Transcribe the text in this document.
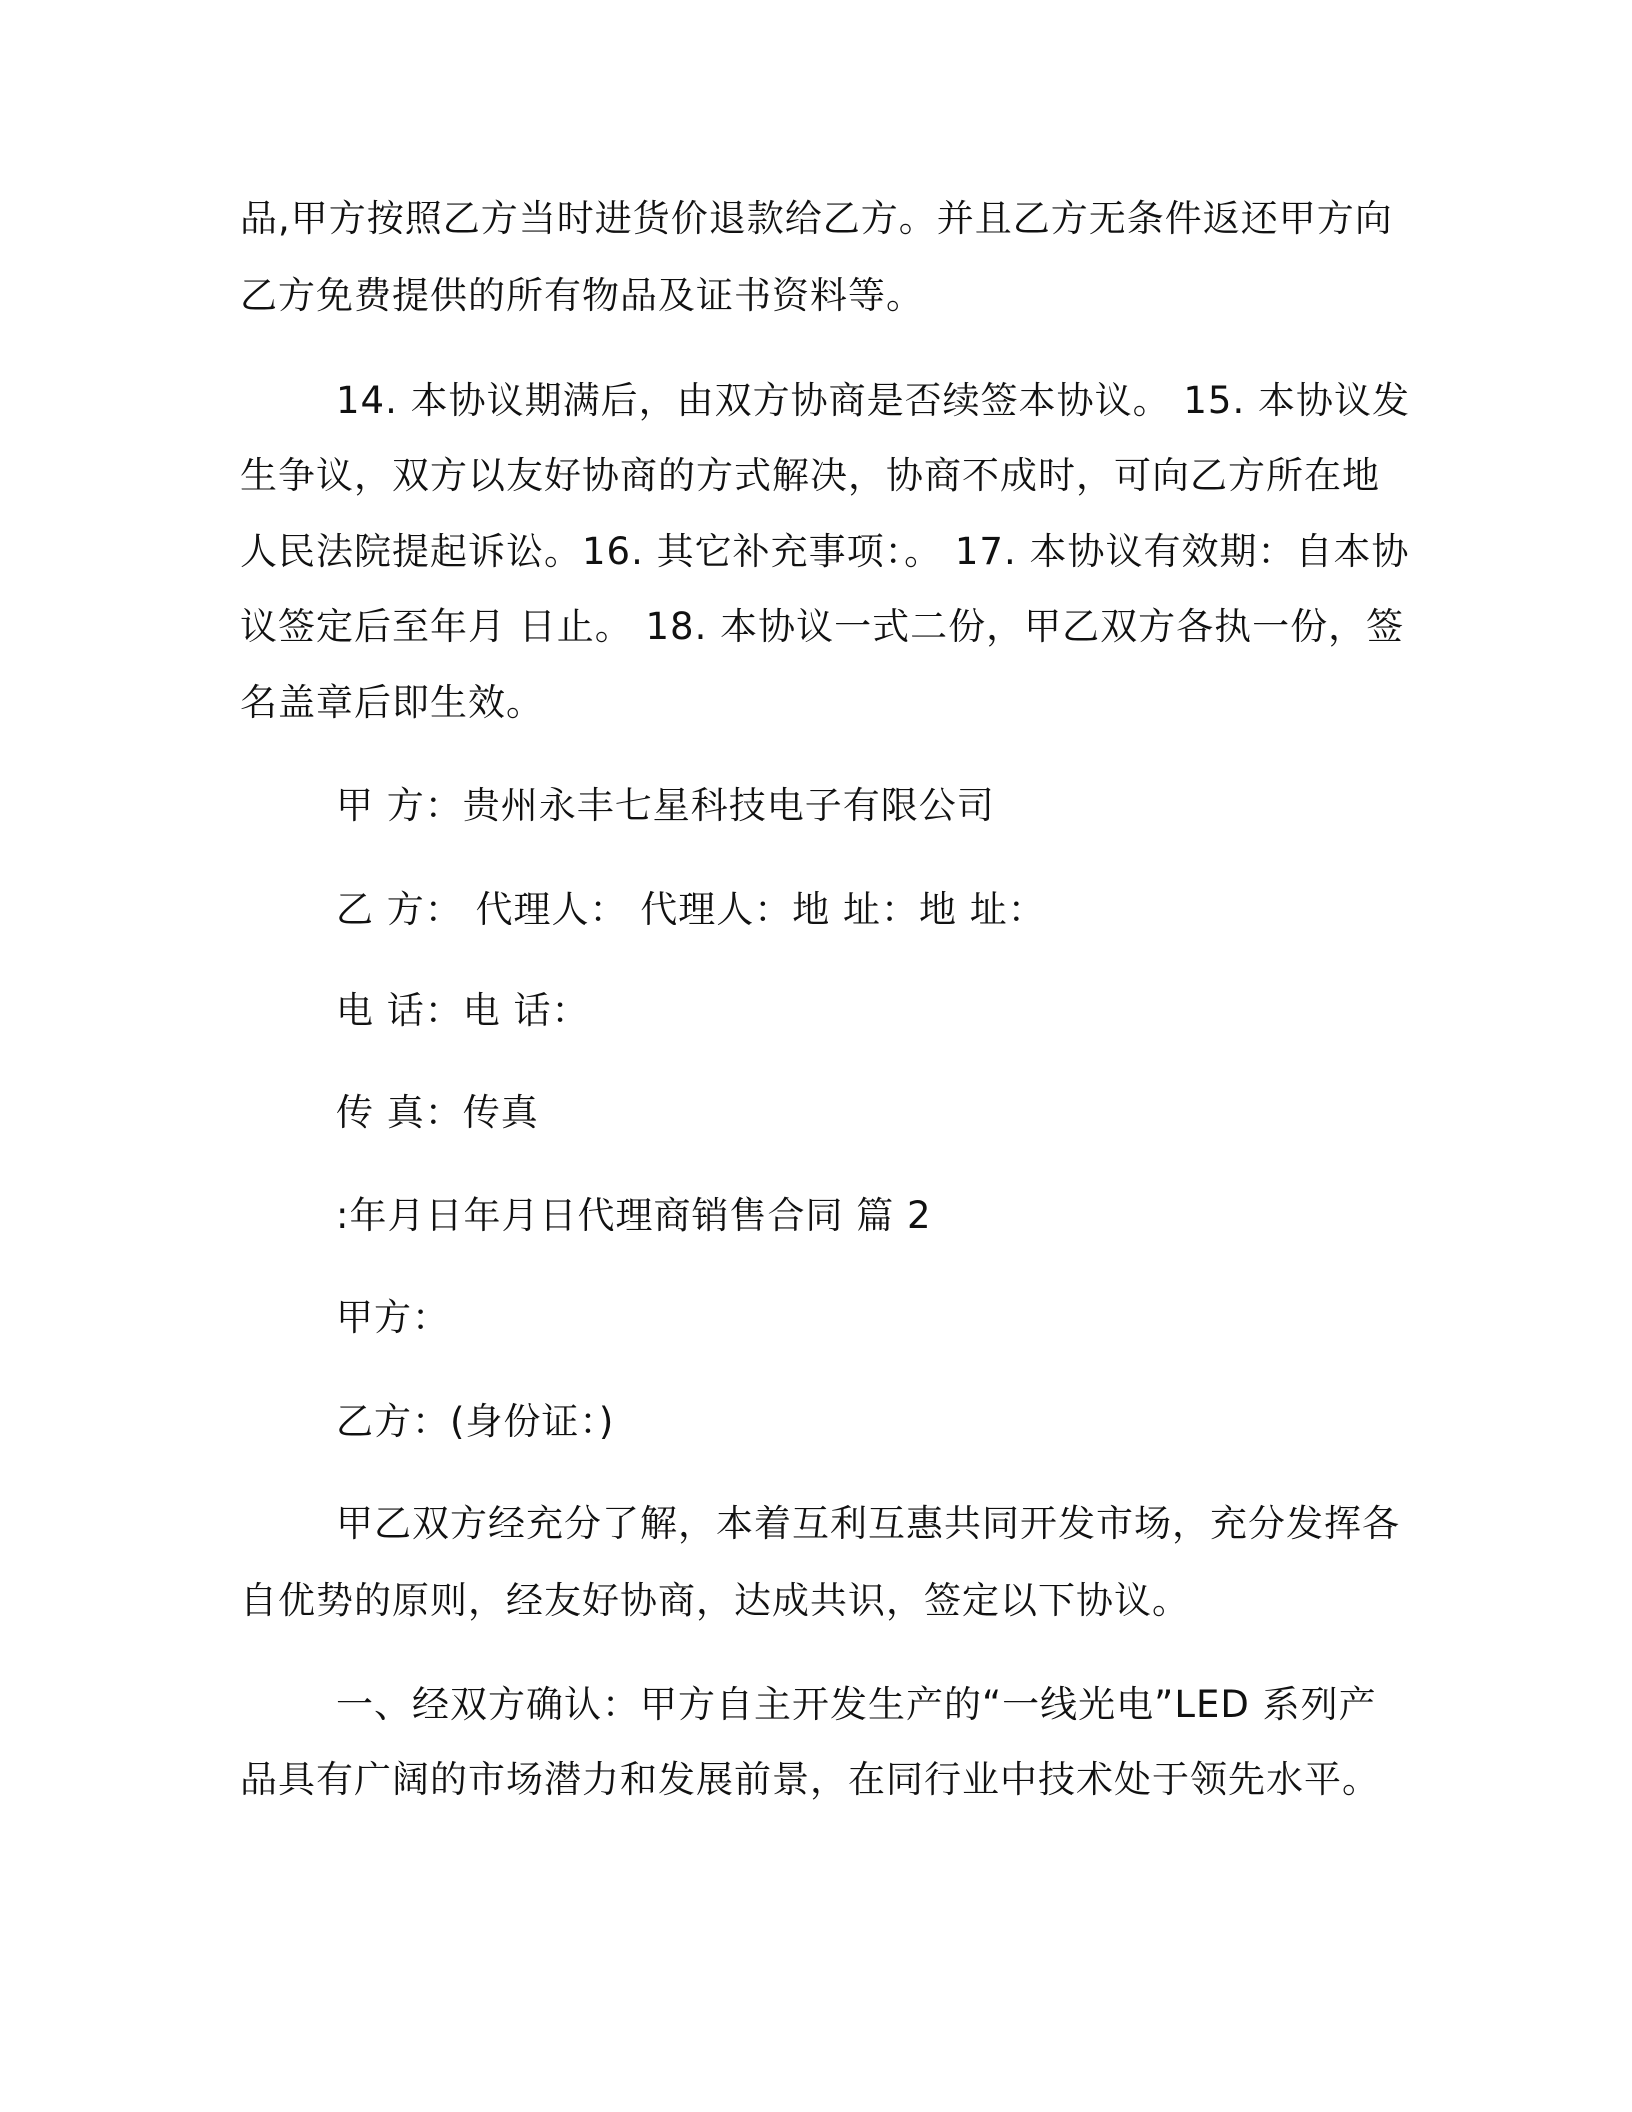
品,甲方按照乙方当时进货价退款给乙方。并且乙方无条件返还甲方向
乙方免费提供的所有物品及证书资料等。
14. 本协议期满后，由双方协商是否续签本协议。 15. 本协议发
生争议，双方以友好协商的方式解决，协商不成时，可向乙方所在地
人民法院提起诉讼。16. 其它补充事项：。 17. 本协议有效期：自本协
议签定后至年月 日止。 18. 本协议一式二份，甲乙双方各执一份，签
名盖章后即生效。
甲 方：贵州永丰七星科技电子有限公司
乙 方： 代理人： 代理人：地 址：地 址：
电 话：电 话：
传 真：传真
:年月日年月日代理商销售合同 篇 2
甲方：
乙方：(身份证：)
甲乙双方经充分了解，本着互利互惠共同开发市场，充分发挥各
自优势的原则，经友好协商，达成共识，签定以下协议。
一、经双方确认：甲方自主开发生产的“一线光电”LED 系列产
品具有广阔的市场潜力和发展前景，在同行业中技术处于领先水平。
